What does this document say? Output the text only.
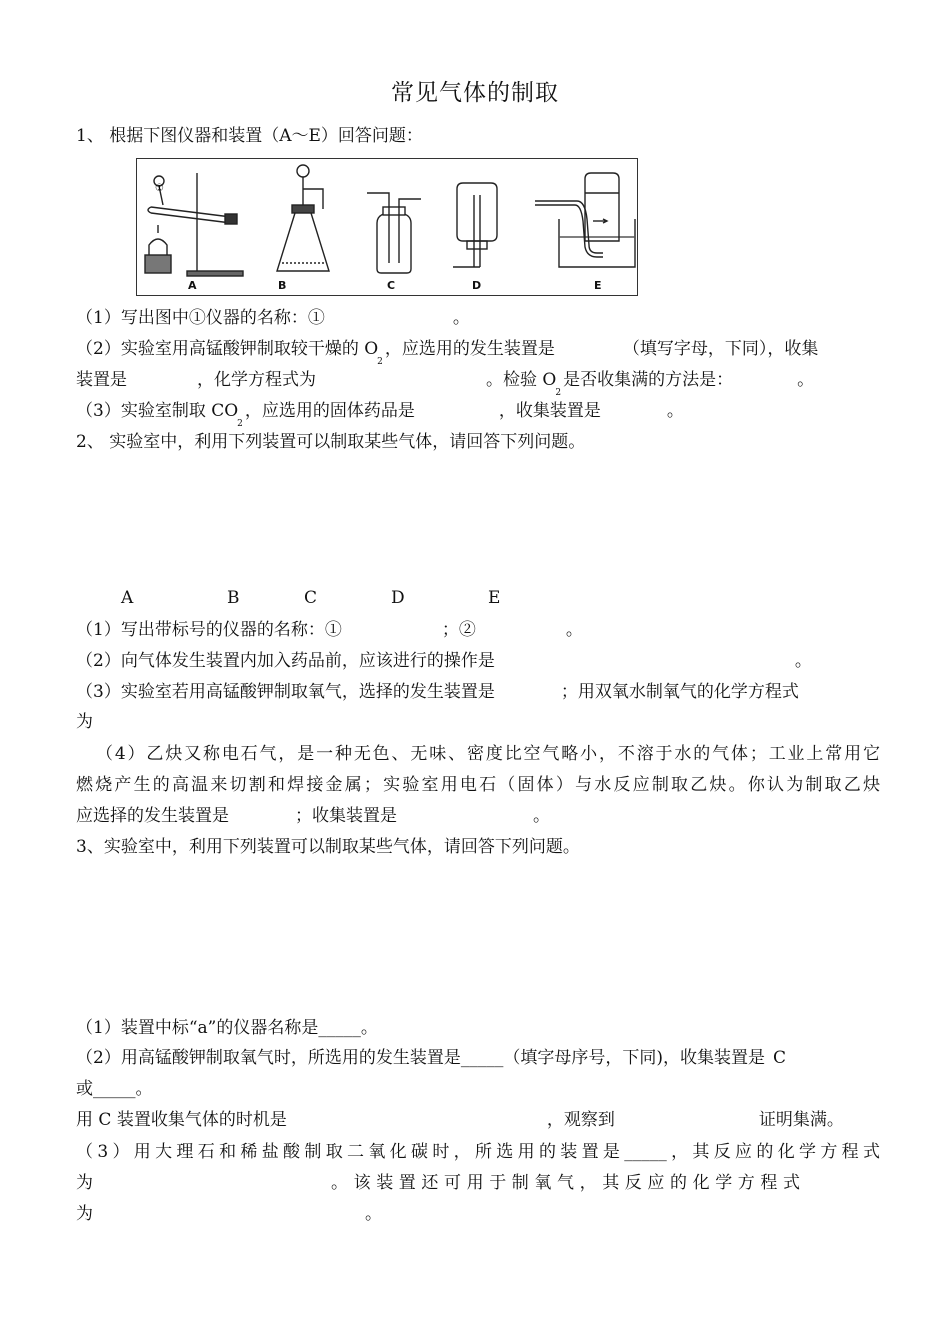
常见气体的制取
1、 根据下图仪器和装置（A～E）回答问题：
①
A	B	C	D	E
（1）写出图中①仪器的名称：①	。
（2）实验室用高锰酸钾制取较干燥的 $O_2$，应选用的发生装置是	（填写字母，下同），收集
装置是	，化学方程式为	。检验 $O_2$是否收集满的方法是：	。
（3）实验室制取 $CO_2$，应选用的固体药品是	，收集装置是	。
2、 实验室中，利用下列装置可以制取某些气体，请回答下列问题。
A	B	C	D	E
（1）写出带标号的仪器的名称：①	；②	。
（2）向气体发生装置内加入药品前，应该进行的操作是	。
（3）实验室若用高锰酸钾制取氧气，选择的发生装置是	；用双氧水制氧气的化学方程式
为
（4）乙炔又称电石气，是一种无色、无味、密度比空气略小，不溶于水的气体；工业上常用它
燃烧产生的高温来切割和焊接金属；实验室用电石（固体）与水反应制取乙炔。你认为制取乙炔
应选择的发生装置是	；收集装置是	。
3、实验室中，利用下列装置可以制取某些气体，请回答下列问题。
（1）装置中标“a”的仪器名称是_____。
（2）用高锰酸钾制取氧气时，所选用的发生装置是_____（填字母序号，下同)，收集装置是 C
或_____。
用 C 装置收集气体的时机是	，观察到	证明集满。
（3）用大理石和稀盐酸制取二氧化碳时，所选用的装置是_____，其反应的化学方程式
为	。该装置还可用于制氧气，其反应的化学方程式
为	。
